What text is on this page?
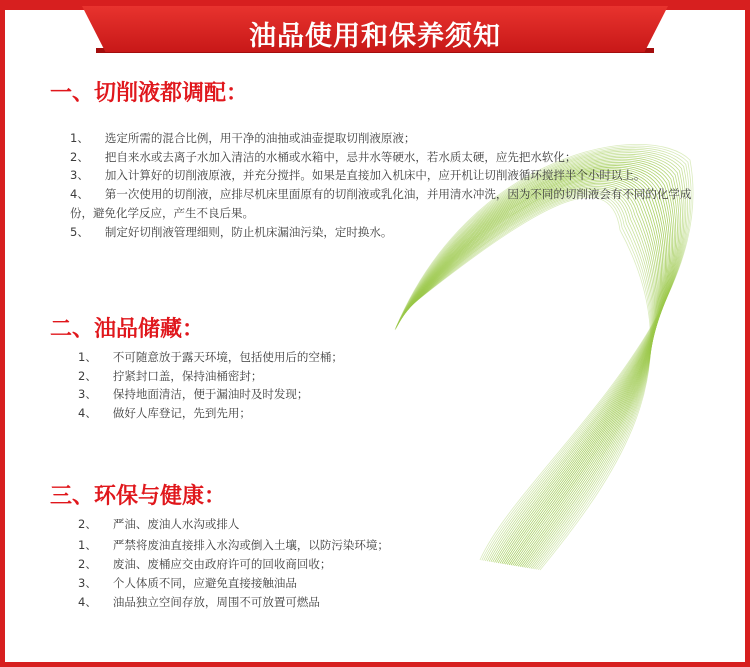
油品使用和保养须知
一、切削液都调配：
1、 选定所需的混合比例，用干净的油抽或油壶提取切削液原液；
2、 把自来水或去离子水加入清洁的水桶或水箱中，忌井水等硬水，若水质太硬，应先把水软化；
3、 加入计算好的切削液原液，并充分搅拌。如果是直接加入机床中，应开机让切削液循环搅拌半个小时以上。
4、 第一次使用的切削液，应排尽机床里面原有的切削液或乳化油，并用清水冲洗，因为不同的切削液会有不同的化学成
份，避免化学反应，产生不良后果。
5、 制定好切削液管理细则，防止机床漏油污染，定时换水。
二、油品储藏：
1、 不可随意放于露天环境，包括使用后的空桶；
2、 拧紧封口盖，保持油桶密封；
3、 保持地面清洁，便于漏油时及时发现；
4、 做好人库登记，先到先用；
三、环保与健康：
2、 严油、废油人水沟或排人
1、 严禁将废油直接排入水沟或倒入土壤，以防污染环境；
2、 废油、废桶应交由政府许可的回收商回收；
3、 个人体质不同，应避免直接接触油品
4、 油品独立空间存放，周围不可放置可燃品
